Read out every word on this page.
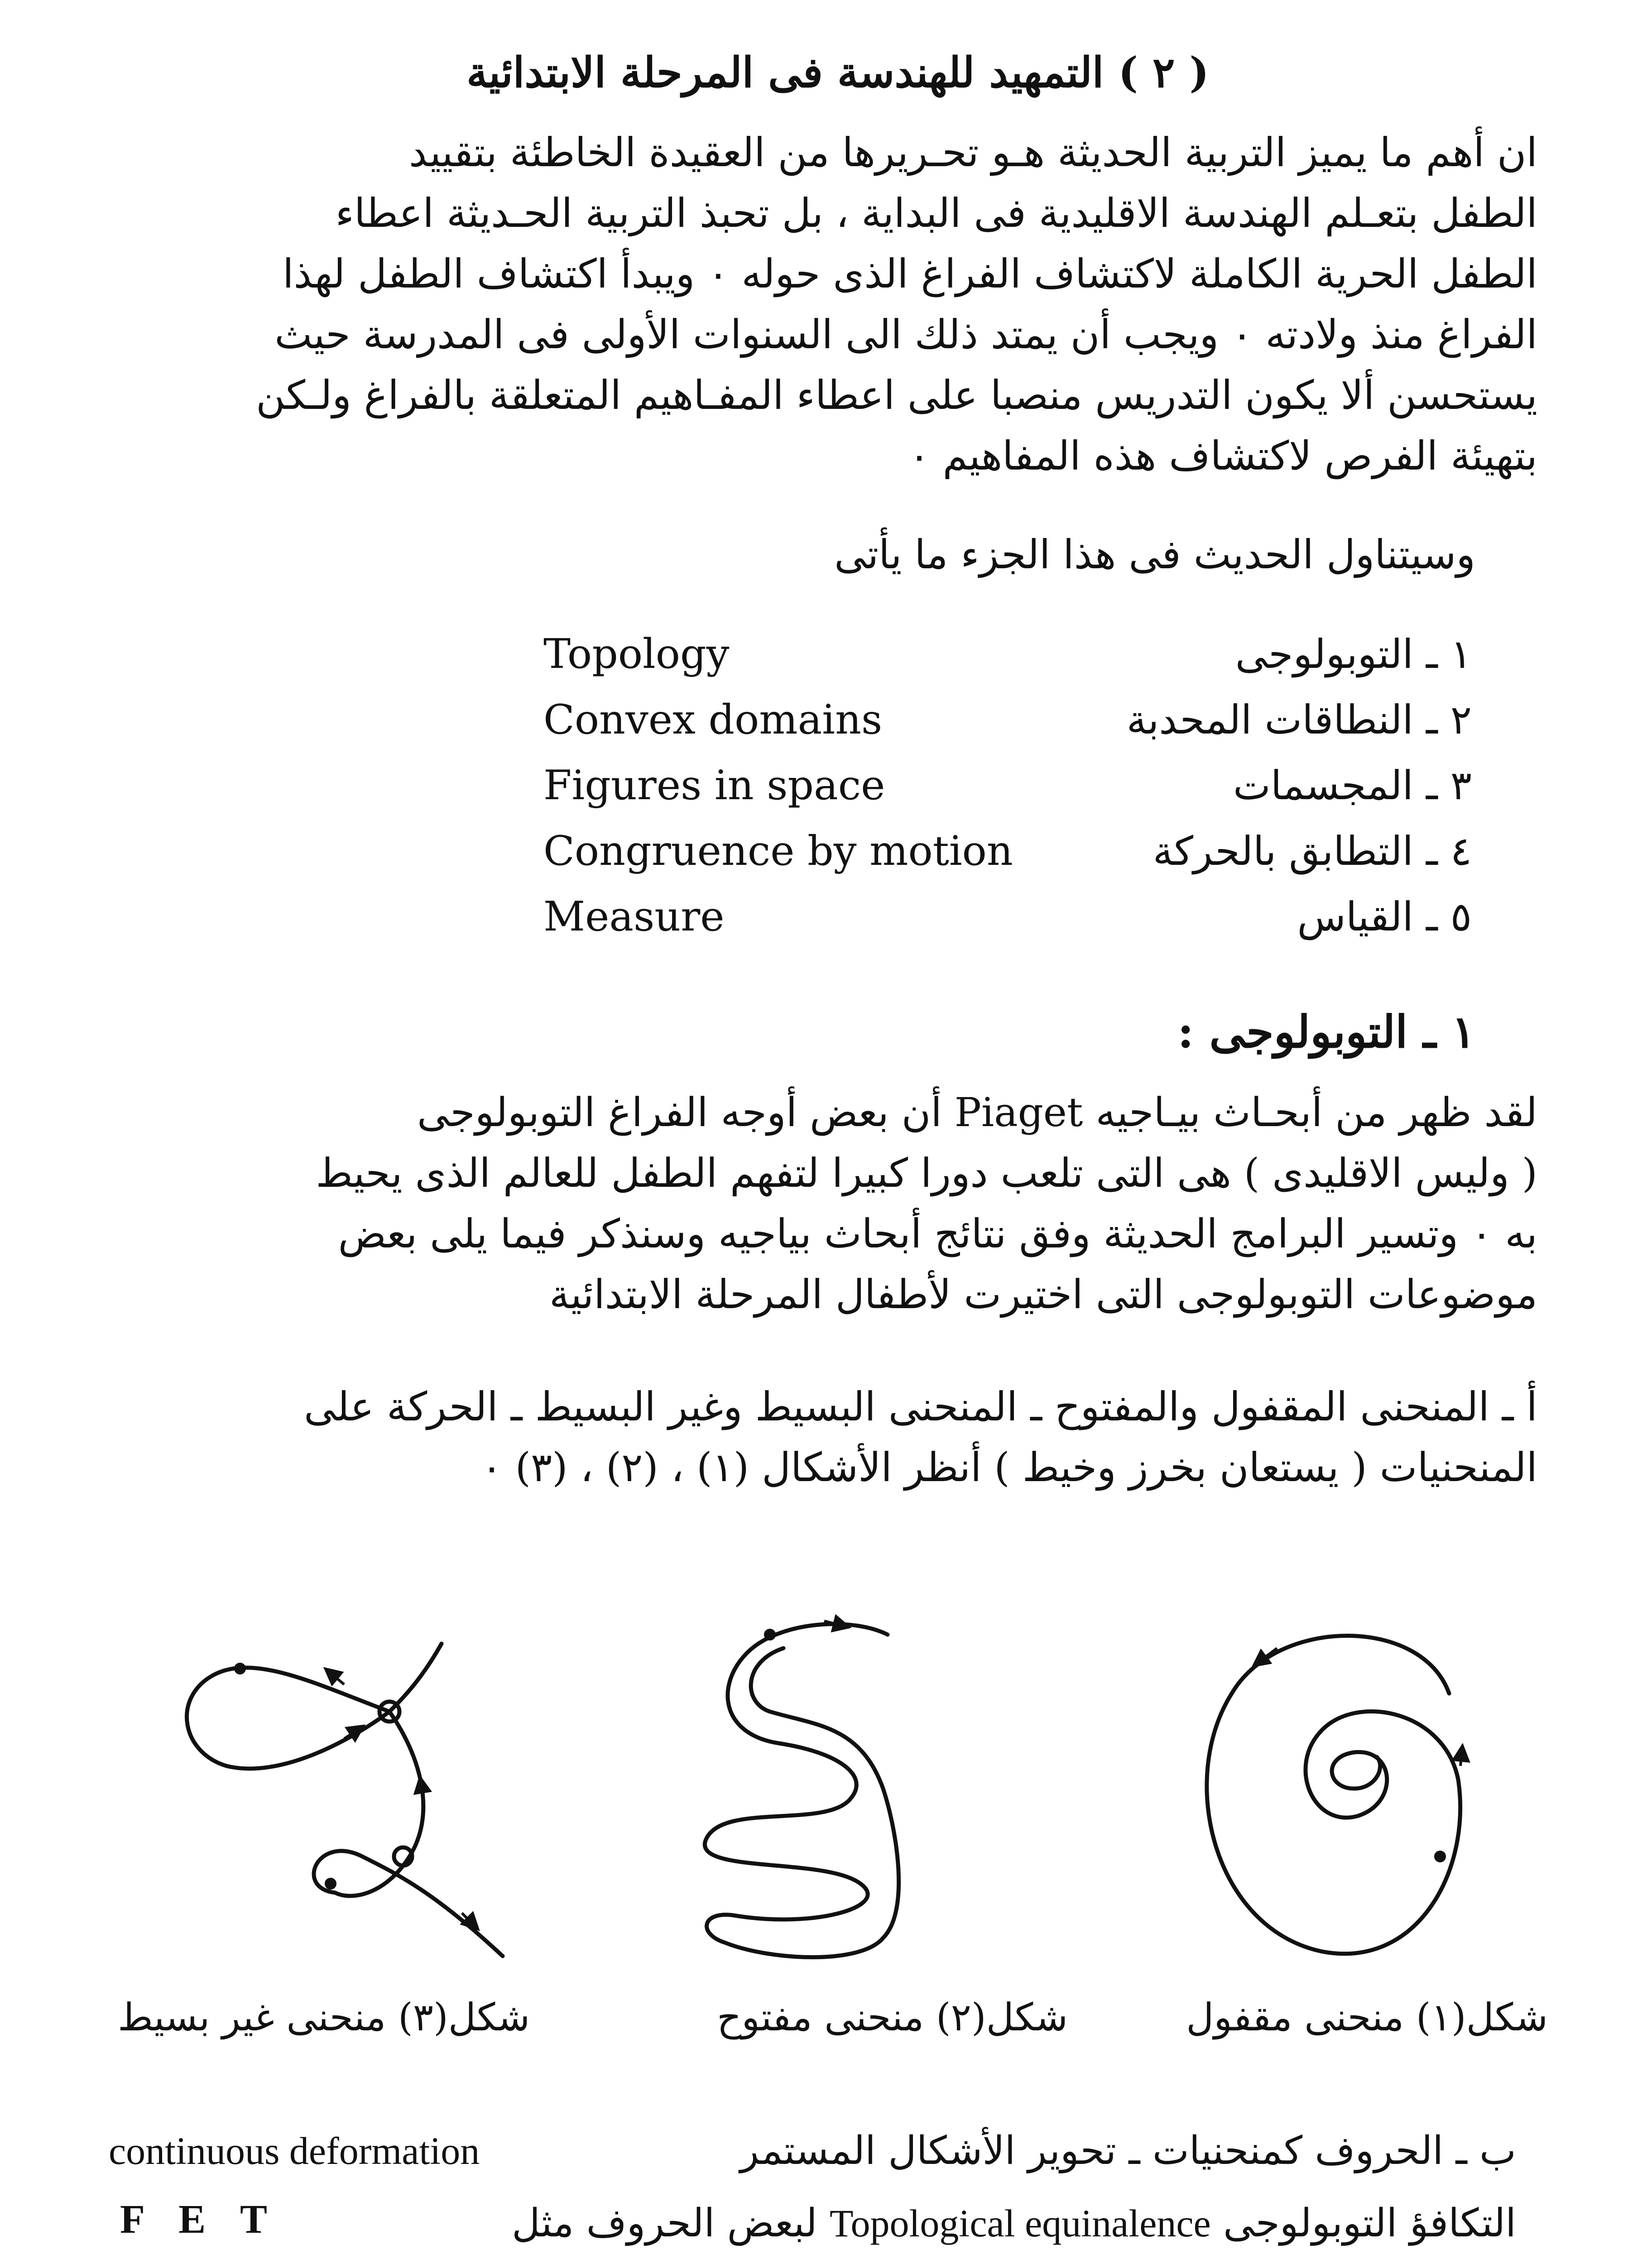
( ٢ ) التمهيد للهندسة فى المرحلة الابتدائية

ان أهم ما يميز التربية الحديثة هـو تحـريرها من العقيدة الخاطئة بتقييد

الطفل بتعـلم الهندسة الاقليدية فى البداية ، بل تحبذ التربية الحـديثة اعطاء

الطفل الحرية الكاملة لاكتشاف الفراغ الذى حوله ٠ ويبدأ اكتشاف الطفل لهذا

الفراغ منذ ولادته ٠ ويجب أن يمتد ذلك الى السنوات الأولى فى المدرسة حيث

يستحسن ألا يكون التدريس منصبا على اعطاء المفـاهيم المتعلقة بالفراغ ولـكن

بتهيئة الفرص لاكتشاف هذه المفاهيم ٠

وسيتناول الحديث فى هذا الجزء ما يأتى
Topology	١ ـ التوبولوجى
Convex domains	٢ ـ النطاقات المحدبة
Figures in space	٣ ـ المجسمات
Congruence by motion	٤ ـ التطابق بالحركة
Measure	٥ ـ القياس
١ ـ التوبولوجى :

لقد ظهر من أبحـاث بيـاجيه Piaget أن بعض أوجه الفراغ التوبولوجى

( وليس الاقليدى ) هى التى تلعب دورا كبيرا لتفهم الطفل للعالم الذى يحيط

به ٠ وتسير البرامج الحديثة وفق نتائج أبحاث بياجيه وسنذكر فيما يلى بعض

موضوعات التوبولوجى التى اختيرت لأطفال المرحلة الابتدائية

أ ـ المنحنى المقفول والمفتوح ـ المنحنى البسيط وغير البسيط ـ الحركة على

المنحنيات ( يستعان بخرز وخيط ) أنظر الأشكال (١) ، (٢) ، (٣) ٠

شكل(١) منحنى مقفول
شكل(٢) منحنى مفتوح
شكل(٣) منحنى غير بسيط
continuous deformation	ب ـ الحروف كمنحنيات ـ تحوير الأشكال المستمر
F E T	التكافؤ التوبولوجى Topological equinalence لبعض الحروف مثل
